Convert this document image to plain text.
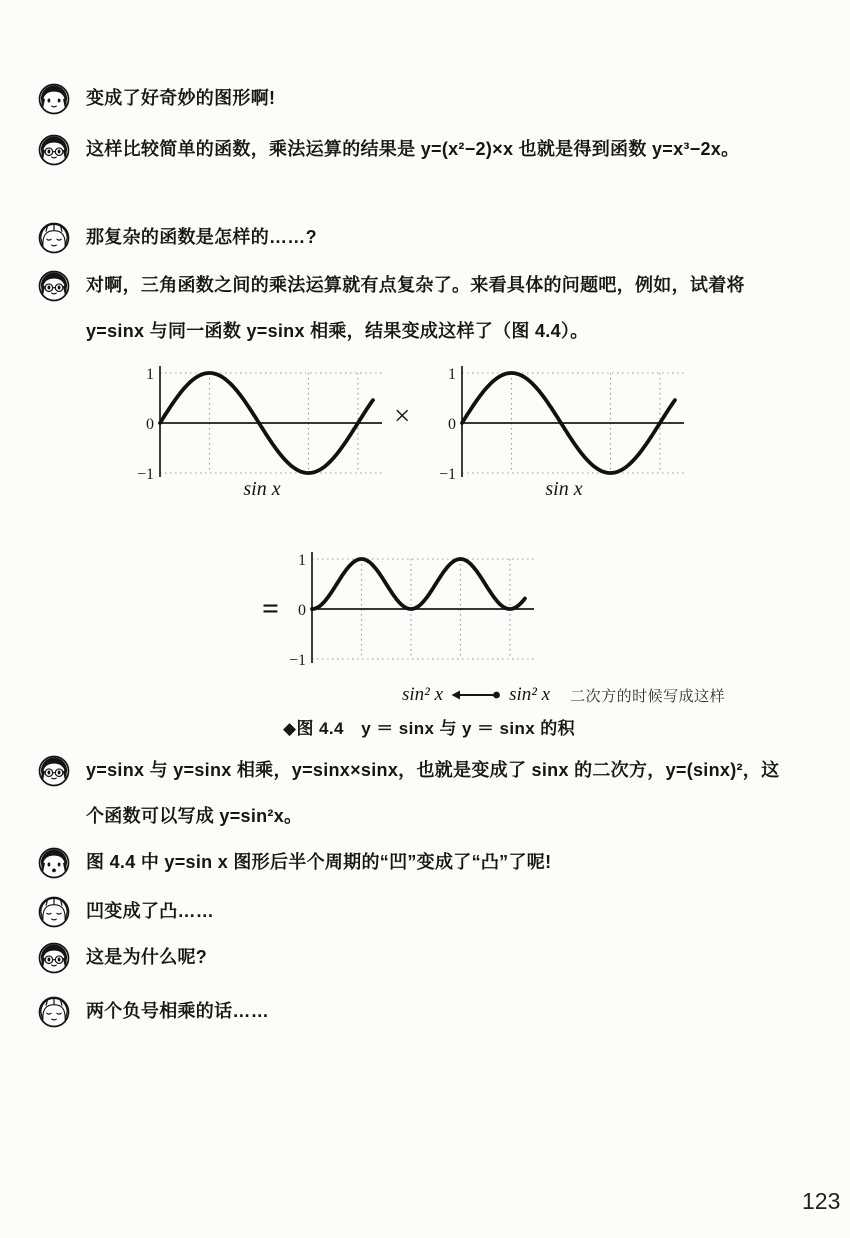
变成了好奇妙的图形啊!

这样比较简单的函数，乘法运算的结果是 y=(x²−2)×x 也就是得到函数 y=x³−2x。

那复杂的函数是怎样的……?

对啊，三角函数之间的乘法运算就有点复杂了。来看具体的问题吧，例如，试着将 y=sinx 与同一函数 y=sinx 相乘，结果变成这样了（图 4.4）。

1
0
−1
×
1
0
−1
sin x	sin x
=
1
0
−1
sin² x	sin² x 二次方的时候写成这样
◆图 4.4　y ＝ sinx 与 y ＝ sinx 的积

y=sinx 与 y=sinx 相乘，y=sinx×sinx，也就是变成了 sinx 的二次方，y=(sinx)²，这个函数可以写成 y=sin²x。

图 4.4 中 y=sin x 图形后半个周期的“凹”变成了“凸”了呢!

凹变成了凸……

这是为什么呢?

两个负号相乘的话……

123
